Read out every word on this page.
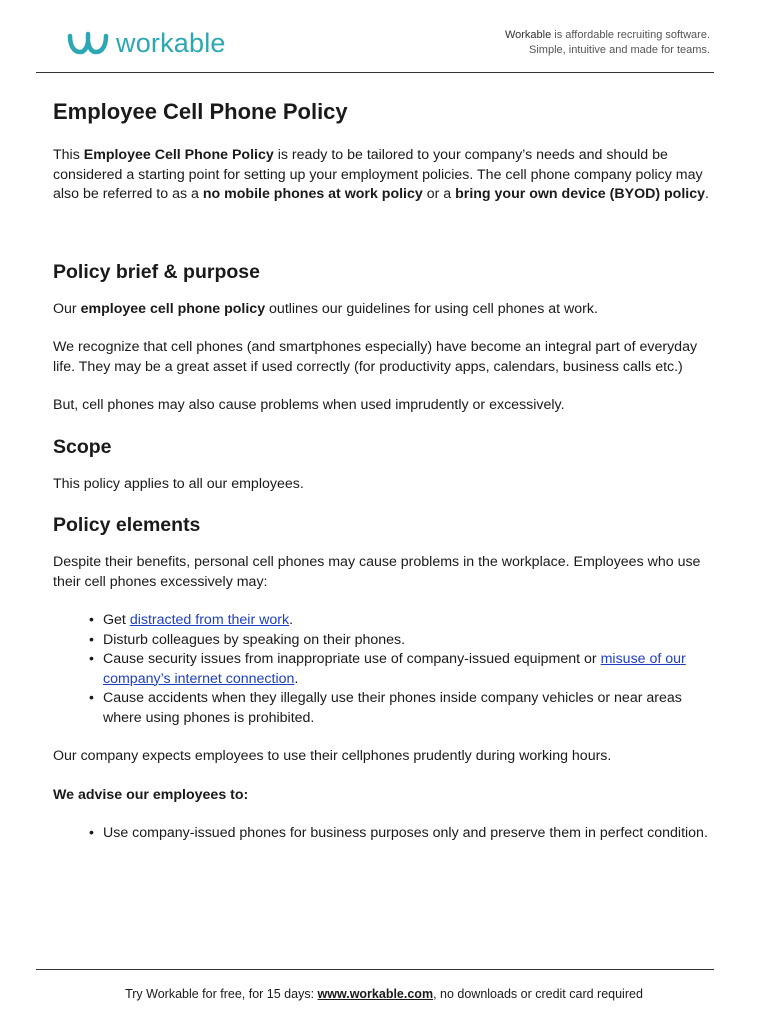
workable	Workable is affordable recruiting software.
Simple, intuitive and made for teams.
Employee Cell Phone Policy

This Employee Cell Phone Policy is ready to be tailored to your company’s needs and should be considered a starting point for setting up your employment policies. The cell phone company policy may also be referred to as a no mobile phones at work policy or a bring your own device (BYOD) policy.

Policy brief & purpose

Our employee cell phone policy outlines our guidelines for using cell phones at work.

We recognize that cell phones (and smartphones especially) have become an integral part of everyday life. They may be a great asset if used correctly (for productivity apps, calendars, business calls etc.)

But, cell phones may also cause problems when used imprudently or excessively.

Scope

This policy applies to all our employees.

Policy elements

Despite their benefits, personal cell phones may cause problems in the workplace. Employees who use their cell phones excessively may:

• Get distracted from their work.
• Disturb colleagues by speaking on their phones.
• Cause security issues from inappropriate use of company-issued equipment or misuse of our company’s internet connection.
• Cause accidents when they illegally use their phones inside company vehicles or near areas where using phones is prohibited.

Our company expects employees to use their cellphones prudently during working hours.

We advise our employees to:

• Use company-issued phones for business purposes only and preserve them in perfect condition.
Try Workable for free, for 15 days: www.workable.com, no downloads or credit card required
